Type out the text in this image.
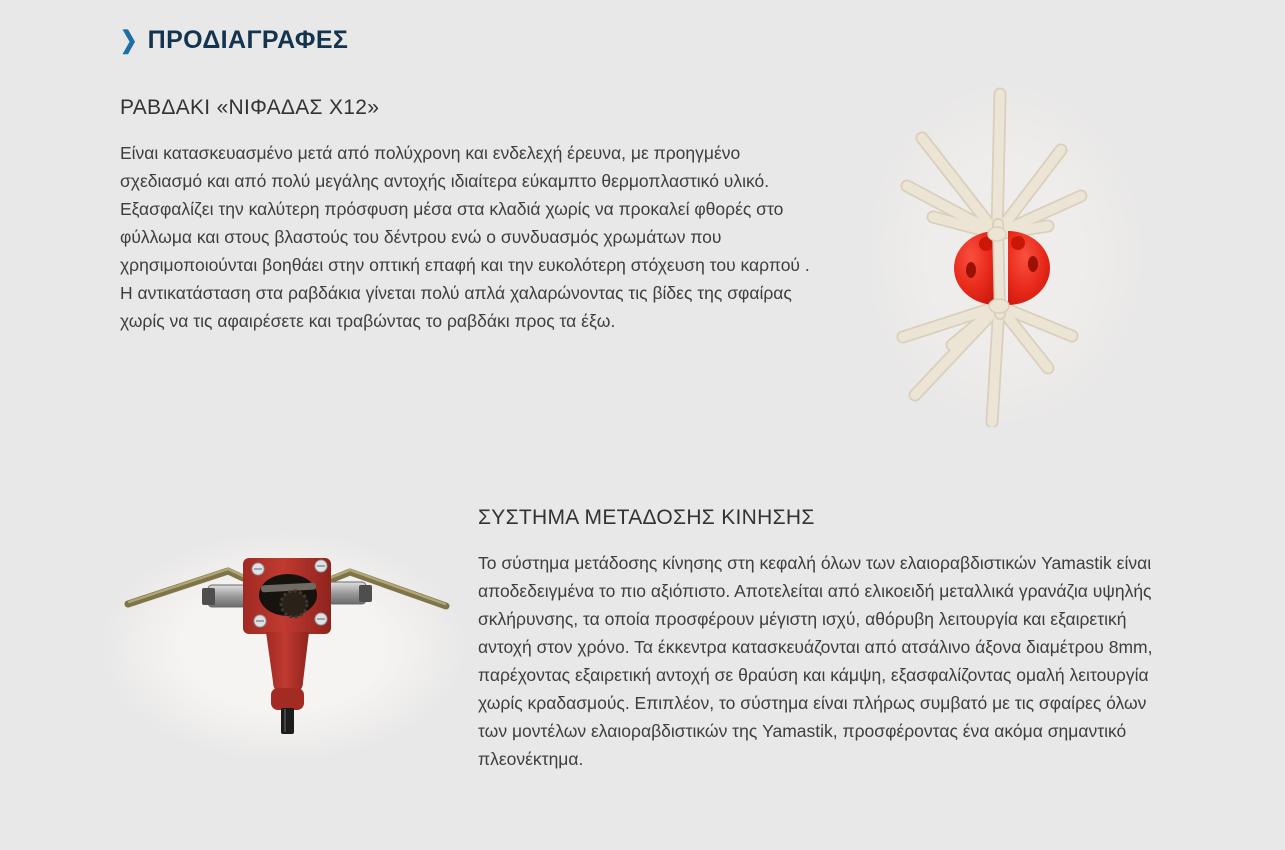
❯ ΠΡΟΔΙΑΓΡΑΦΕΣ
ΡΑΒΔΑΚΙ «ΝΙΦΑΔΑΣ X12»

Είναι κατασκευασμένο μετά από πολύχρονη και ενδελεχή έρευνα, με προηγμένο σχεδιασμό και από πολύ μεγάλης αντοχής ιδιαίτερα εύκαμπτο θερμοπλαστικό υλικό. Εξασφαλίζει την καλύτερη πρόσφυση μέσα στα κλαδιά χωρίς να προκαλεί φθορές στο φύλλωμα και στους βλαστούς του δέντρου ενώ ο συνδυασμός χρωμάτων που χρησιμοποιούνται βοηθάει στην οπτική επαφή και την ευκολότερη στόχευση του καρπού . Η αντικατάσταση στα ραβδάκια γίνεται πολύ απλά χαλαρώνοντας τις βίδες της σφαίρας χωρίς να τις αφαιρέσετε και τραβώντας το ραβδάκι προς τα έξω.

ΣΥΣΤΗΜΑ ΜΕΤΑΔΟΣΗΣ ΚΙΝΗΣΗΣ

Το σύστημα μετάδοσης κίνησης στη κεφαλή όλων των ελαιοραβδιστικών Yamastik είναι αποδεδειγμένα το πιο αξιόπιστο. Αποτελείται από ελικοειδή μεταλλικά γρανάζια υψηλής σκλήρυνσης, τα οποία προσφέρουν μέγιστη ισχύ, αθόρυβη λειτουργία και εξαιρετική αντοχή στον χρόνο. Τα έκκεντρα κατασκευάζονται από ατσάλινο άξονα διαμέτρου 8mm, παρέχοντας εξαιρετική αντοχή σε θραύση και κάμψη, εξασφαλίζοντας ομαλή λειτουργία χωρίς κραδασμούς. Επιπλέον, το σύστημα είναι πλήρως συμβατό με τις σφαίρες όλων των μοντέλων ελαιοραβδιστικών της Yamastik, προσφέροντας ένα ακόμα σημαντικό πλεονέκτημα.
